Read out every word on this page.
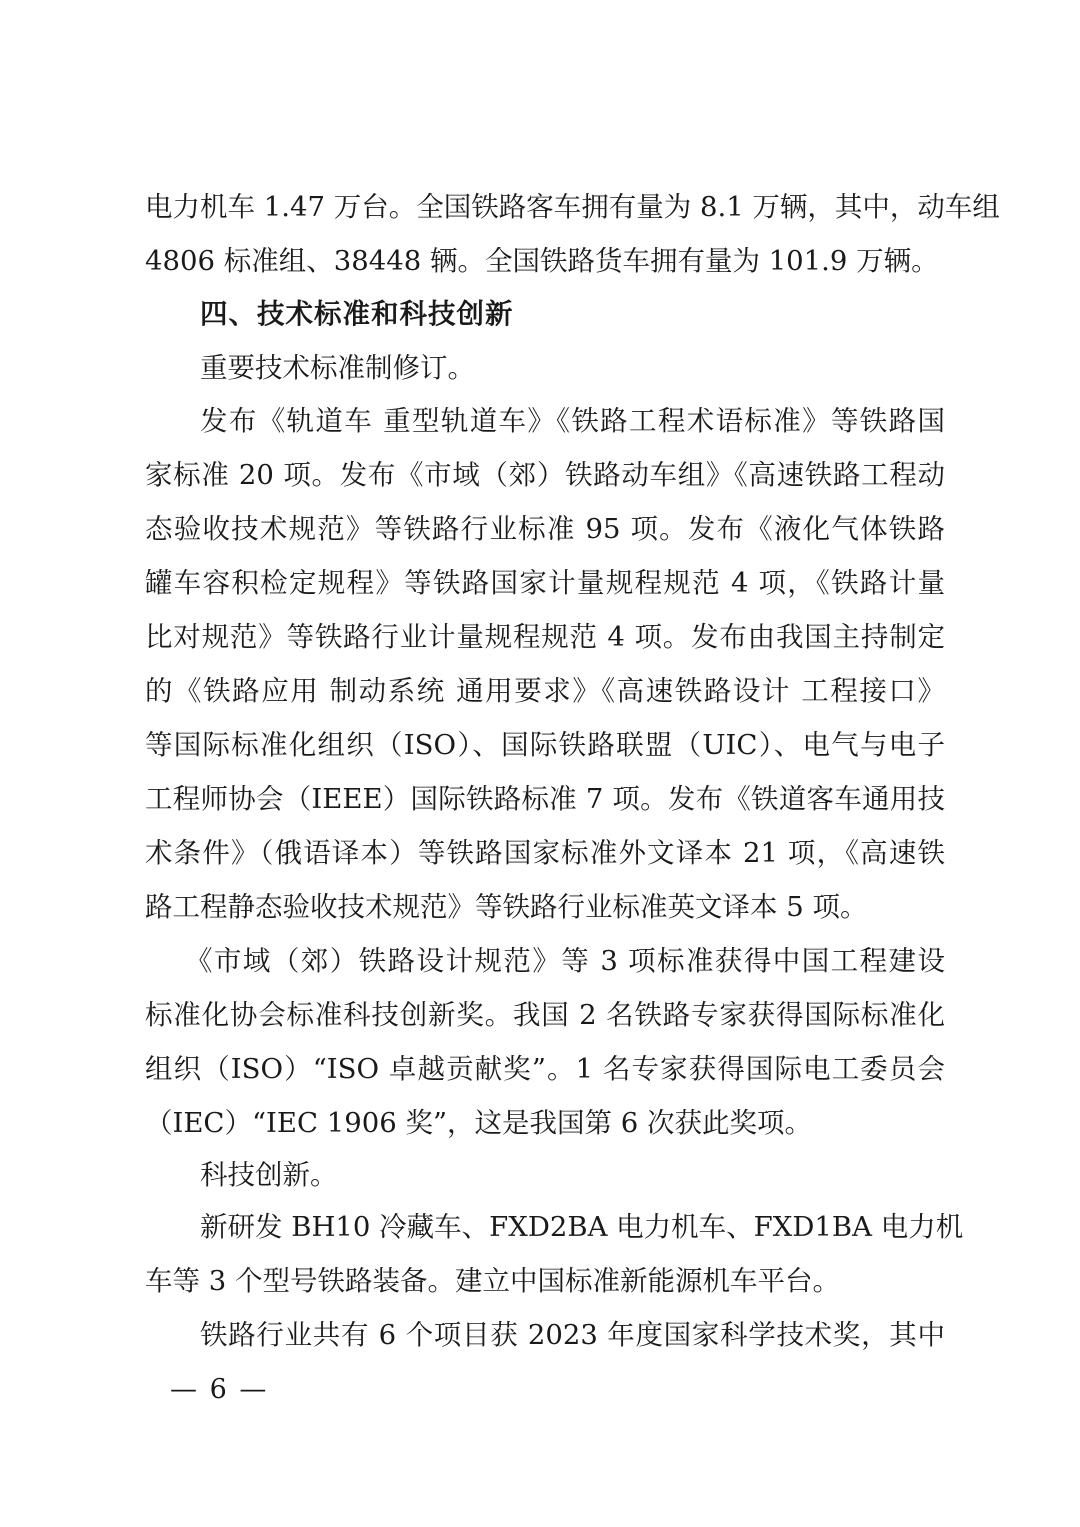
电力机车 1.47 万台。全国铁路客车拥有量为 8.1 万辆，其中，动车组
4806 标准组、38448 辆。全国铁路货车拥有量为 101.9 万辆。
四、技术标准和科技创新
重要技术标准制修订。
发布《轨道车 重型轨道车》《铁路工程术语标准》等铁路国
家标准 20 项。发布《市域（郊）铁路动车组》《高速铁路工程动
态验收技术规范》等铁路行业标准 95 项。发布《液化气体铁路
罐车容积检定规程》等铁路国家计量规程规范 4 项，《铁路计量
比对规范》等铁路行业计量规程规范 4 项。发布由我国主持制定
的《铁路应用 制动系统 通用要求》《高速铁路设计 工程接口》
等国际标准化组织（ISO）、国际铁路联盟（UIC）、电气与电子
工程师协会（IEEE）国际铁路标准 7 项。发布《铁道客车通用技
术条件》（俄语译本）等铁路国家标准外文译本 21 项，《高速铁
路工程静态验收技术规范》等铁路行业标准英文译本 5 项。
《市域（郊）铁路设计规范》等 3 项标准获得中国工程建设
标准化协会标准科技创新奖。我国 2 名铁路专家获得国际标准化
组织（ISO）“ISO 卓越贡献奖”。1 名专家获得国际电工委员会
（IEC）“IEC 1906 奖”，这是我国第 6 次获此奖项。
科技创新。
新研发 BH10 冷藏车、FXD2BA 电力机车、FXD1BA 电力机
车等 3 个型号铁路装备。建立中国标准新能源机车平台。
铁路行业共有 6 个项目获 2023 年度国家科学技术奖，其中
— 6 —
